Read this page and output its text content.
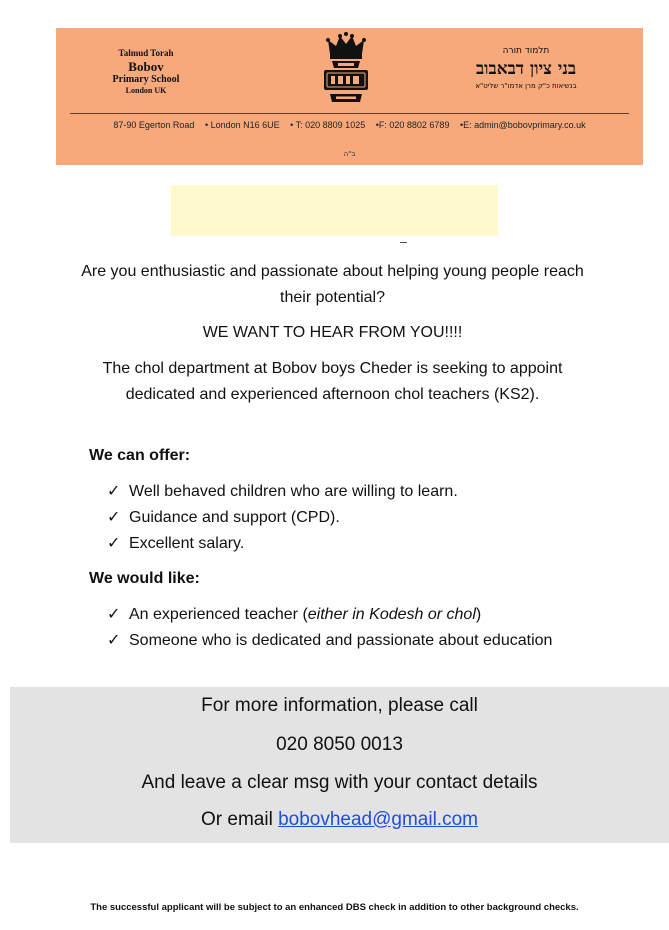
Talmud Torah
Bobov
Primary School
London UK
תלמוד תורה
בני ציון דבאבוב
בנשיאות כ"ק מרן אדמו"ר שליט"א
87-90 Egerton Road • London N16 6UE • T: 020 8809 1025 •F: 020 8802 6789 •E: admin@bobovprimary.co.uk
ב"ה
Are you enthusiastic and passionate about helping young people reach their potential?
WE WANT TO HEAR FROM YOU!!!!
The chol department at Bobov boys Cheder is seeking to appoint dedicated and experienced afternoon chol teachers (KS2).
We can offer:
✓ Well behaved children who are willing to learn.
✓ Guidance and support (CPD).
✓ Excellent salary.
We would like:
✓ An experienced teacher (either in Kodesh or chol)
✓ Someone who is dedicated and passionate about education
For more information, please call
020 8050 0013
And leave a clear msg with your contact details
Or email bobovhead@gmail.com
The successful applicant will be subject to an enhanced DBS check in addition to other background checks.
